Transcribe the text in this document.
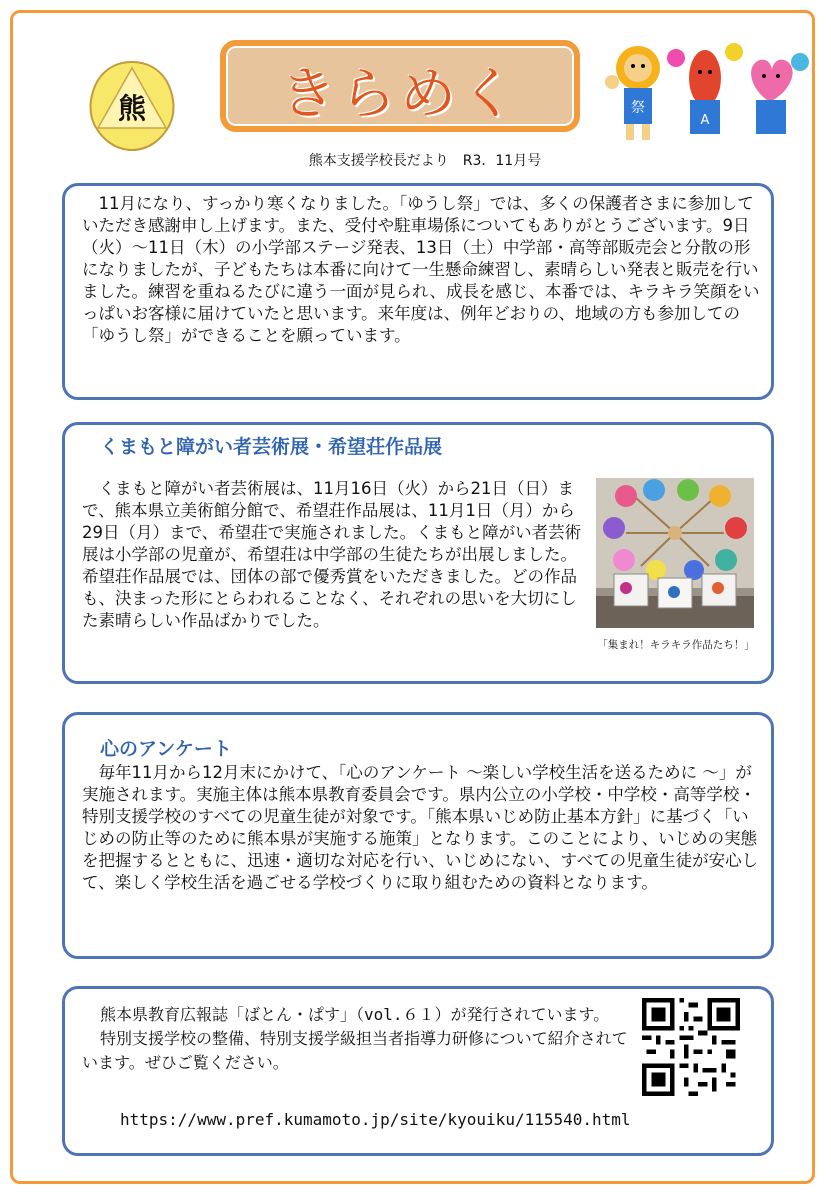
熊	きらめく	祭
A
熊本支援学校長だより　R3．11月号

　11月になり、すっかり寒くなりました。「ゆうし祭」では、多くの保護者さまに参加していただき感謝申し上げます。また、受付や駐車場係についてもありがとうございます。9日（火）～11日（木）の小学部ステージ発表、13日（土）中学部・高等部販売会と分散の形になりましたが、子どもたちは本番に向けて一生懸命練習し、素晴らしい発表と販売を行いました。練習を重ねるたびに違う一面が見られ、成長を感じ、本番では、キラキラ笑顔をいっぱいお客様に届けていたと思います。来年度は、例年どおりの、地域の方も参加しての「ゆうし祭」ができることを願っています。

くまもと障がい者芸術展・希望荘作品展

　くまもと障がい者芸術展は、11月16日（火）から21日（日）まで、熊本県立美術館分館で、希望荘作品展は、11月1日（月）から29日（月）まで、希望荘で実施されました。くまもと障がい者芸術展は小学部の児童が、希望荘は中学部の生徒たちが出展しました。希望荘作品展では、団体の部で優秀賞をいただきました。どの作品も、決まった形にとらわれることなく、それぞれの思いを大切にした素晴らしい作品ばかりでした。

「集まれ！キラキラ作品たち！」
心のアンケート

　毎年11月から12月末にかけて、「心のアンケート ～楽しい学校生活を送るために ～」が実施されます。実施主体は熊本県教育委員会です。県内公立の小学校・中学校・高等学校・特別支援学校のすべての児童生徒が対象です。「熊本県いじめ防止基本方針」に基づく「いじめの防止等のために熊本県が実施する施策」となります。このことにより、いじめの実態を把握するとともに、迅速・適切な対応を行い、いじめにない、すべての児童生徒が安心して、楽しく学校生活を過ごせる学校づくりに取り組むための資料となります。

熊本県教育広報誌「ばとん・ぱす」（vol.６１）が発行されています。
特別支援学校の整備、特別支援学級担当者指導力研修について紹介されています。ぜひご覧ください。
https://www.pref.kumamoto.jp/site/kyouiku/115540.html
